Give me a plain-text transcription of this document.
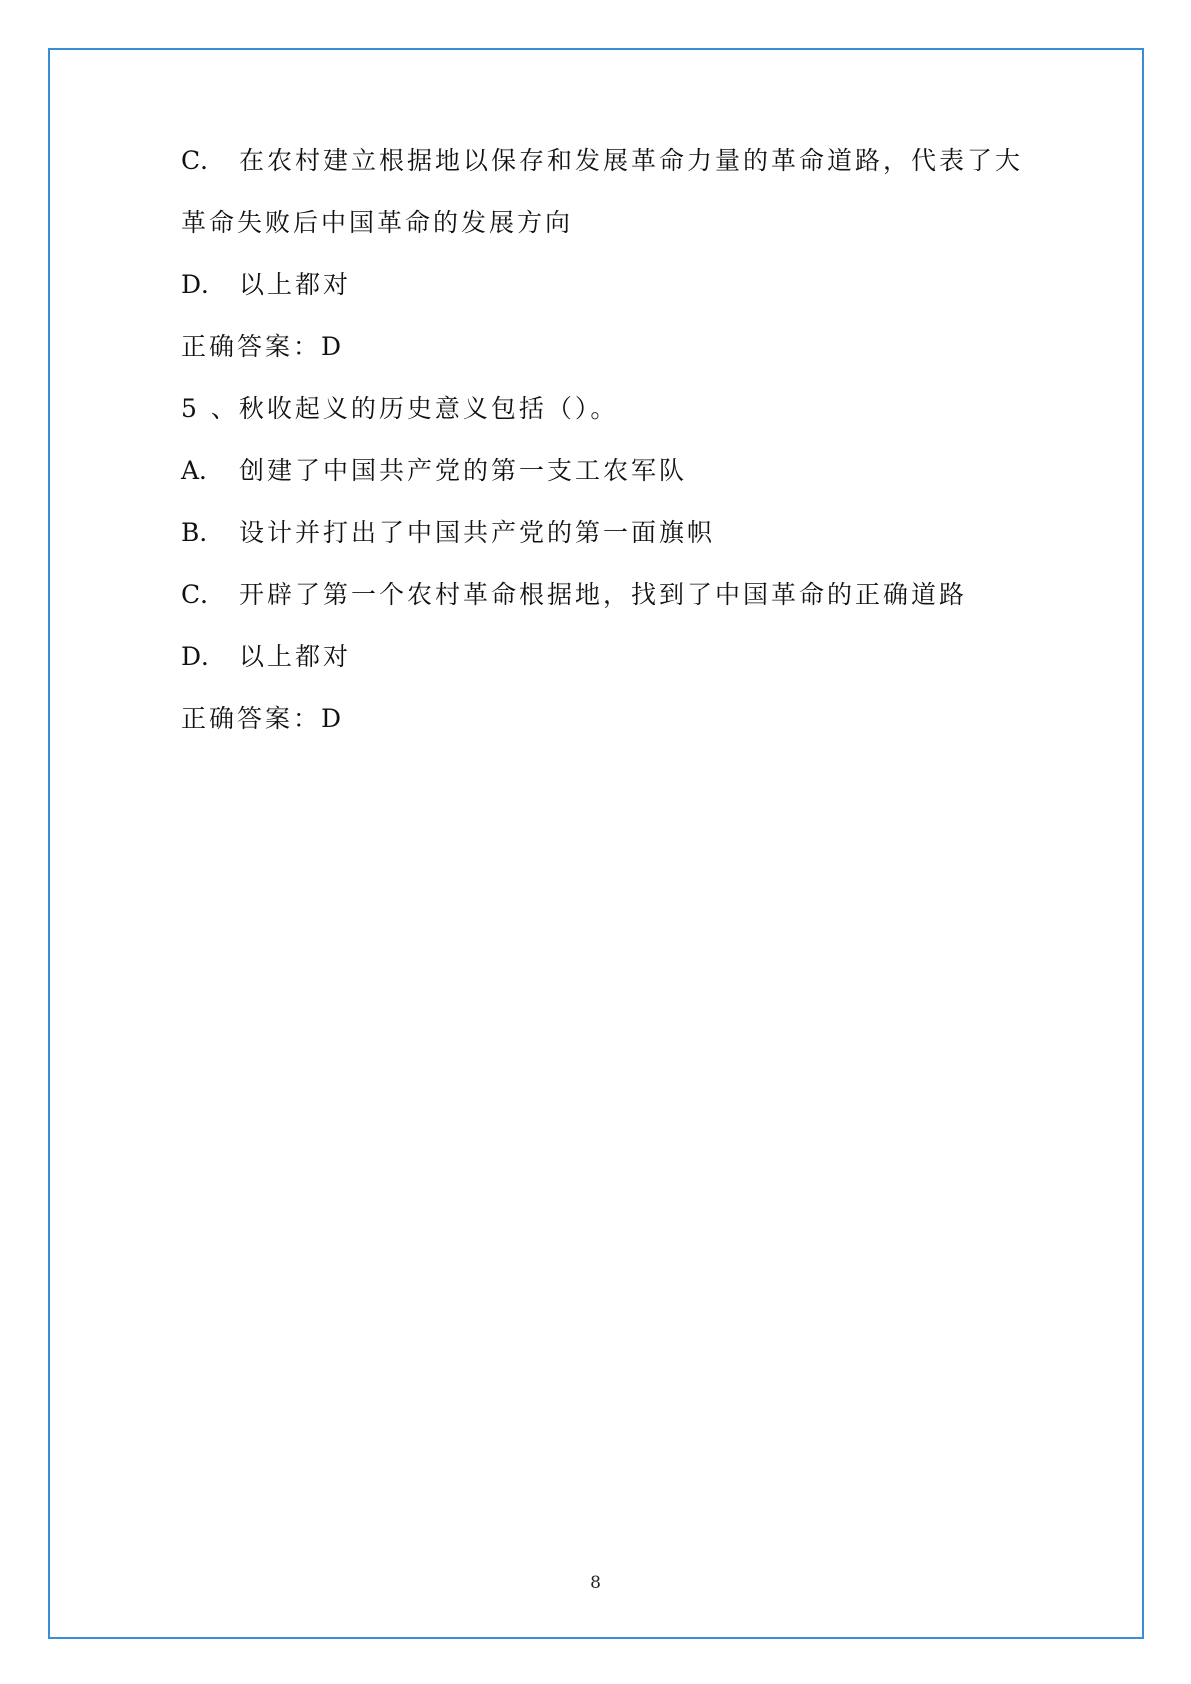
C． 在农村建立根据地以保存和发展革命力量的革命道路，代表了大
革命失败后中国革命的发展方向
D． 以上都对
正确答案：D
5 、秋收起义的历史意义包括（）。
A． 创建了中国共产党的第一支工农军队
B． 设计并打出了中国共产党的第一面旗帜
C． 开辟了第一个农村革命根据地，找到了中国革命的正确道路
D． 以上都对
正确答案：D
8
